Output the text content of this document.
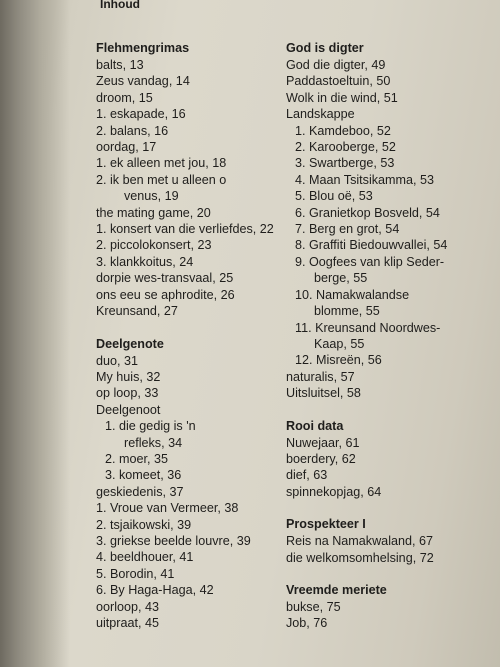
Inhoud
Flehmengrimas
balts, 13
Zeus vandag, 14
droom, 15
1. eskapade, 16
2. balans, 16
oordag, 17
1. ek alleen met jou, 18
2. ik ben met u alleen o
venus, 19
the mating game, 20
1. konsert van die verliefdes, 22
2. piccolokonsert, 23
3. klankkoitus, 24
dorpie wes-transvaal, 25
ons eeu se aphrodite, 26
Kreunsand, 27
Deelgenote
duo, 31
My huis, 32
op loop, 33
Deelgenoot
1. die gedig is 'n
refleks, 34
2. moer, 35
3. komeet, 36
geskiedenis, 37
1. Vroue van Vermeer, 38
2. tsjaikowski, 39
3. griekse beelde louvre, 39
4. beeldhouer, 41
5. Borodin, 41
6. By Haga-Haga, 42
oorloop, 43
uitpraat, 45
God is digter
God die digter, 49
Paddastoeltuin, 50
Wolk in die wind, 51
Landskappe
1. Kamdeboo, 52
2. Karooberge, 52
3. Swartberge, 53
4. Maan Tsitsikamma, 53
5. Blou oë, 53
6. Granietkop Bosveld, 54
7. Berg en grot, 54
8. Graffiti Biedouwvallei, 54
9. Oogfees van klip Seder-
berge, 55
10. Namakwalandse
blomme, 55
11. Kreunsand Noordwes-
Kaap, 55
12. Misreën, 56
naturalis, 57
Uitsluitsel, 58
Rooi data
Nuwejaar, 61
boerdery, 62
dief, 63
spinnekopjag, 64
Prospekteer I
Reis na Namakwaland, 67
die welkomsomhelsing, 72
Vreemde meriete
bukse, 75
Job, 76
